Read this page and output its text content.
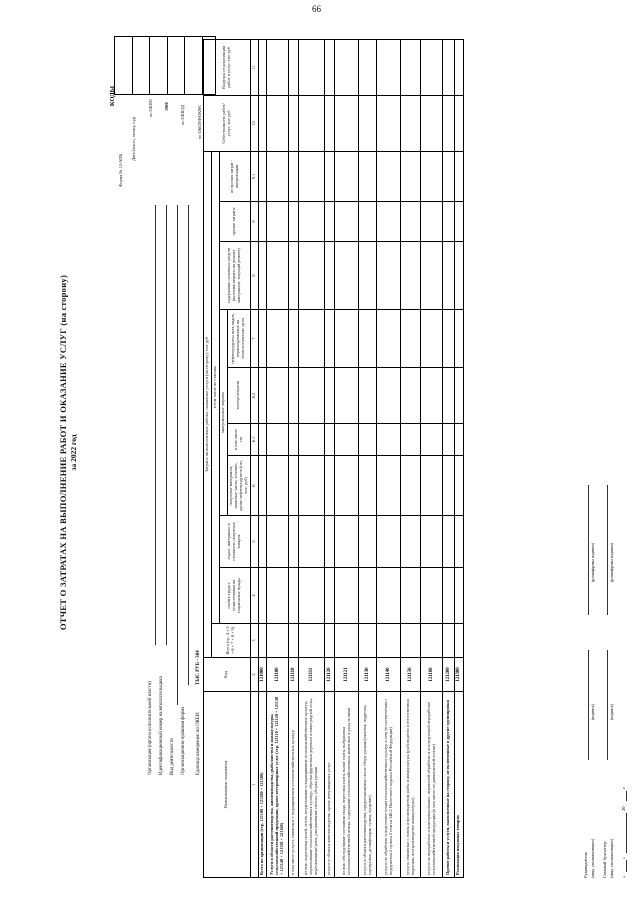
66
ОТЧЕТ О ЗАТРАТАХ НА ВЫПОЛНЕНИЕ РАБОТ И ОКАЗАНИЕ УСЛУГ (на сторону) за 2022 год
КОДЫ
Форма № 12-АПК
Дата (число, месяц, год)
по ОКПО	1900	по ОКВЭД	по ОКОПФ/ОКФС
Организация (органа исполнительной власти) Идентификационный номер налогоплательщика Вид деятельности Организационно-правовая форма Единица измерения: по ОКЕИ:
ТЫС РУБ - 384
Наименование показателя	Код	Затраты на выполненные работы, оказанные услуги (на сторону), тыс руб										Себестоимость работ/услуг, тыс руб	Выручка от реализации работ и услуг, тыс руб
		Всего (гр. 4 + 5 + 6 + 7 + 8 + 9)	в том числе по статьям										
			оплата труда с отчислениями на социальные нужды	сырье, материалы и стоимость покупных товаров	материальные затраты				содержание основных средств (включая затраты на ремонт материалов, текущий ремонт)	прочие затраты	из прочих затрат - амортизация		
					покупные материалы, запасные части, топливо, кроме нефтепродуктов (газ, тыс. руб)	в том числе газ	электроэнергия	нефтепродукты всех видов, израсходованные на технологические цели					
1	2	3	4	5	6	6.1	6.2	7	8	9	9.1	10	11
Всего по организации (стр. 121100 + 121200 + 121300)	121000												
Услуги в области растениеводства, животноводства, рыболовства и аквакультуры, сельскохозяйственной продукции, кроме ветеринарных услуг (стр. 121110 + 121120 + 121130 + 121140 + 121150 + 121160)	121100												
в том числе услуги, связанные с выращиванием сельскохозяйственных культур	121110												
из них: подготовка полей, посев, возделывание и выращивание сельскохозяйственных культур, опрыскивание сельскохозяйственных культур, обрезка фруктовых деревьев и виноградной лозы, пересаживание риса, рассаживание свеклы, уборка урожая	121111												
услуги в области животноводства, кроме ветеринарных услуг	121120												
из них: обследование состояния стада, перегонка скота, выпас скота, выбраковка сельскохозяйственной птицы, содержание сельскохозяйственных животных и уход за ними	121121												
услуги в области растениеводства, предоставляемые после сбора урожая (очистка, подрезка, сортировка, дезинфекция, сушка, лущение)	121130												
услуги по обработке и подготовке семян сельскохозяйственных культур к севу (в соответствии с подпунктом 2 пункта 2 статьи 346.2 Налогового кодекса Российской Федерации)	121140												
услуги, связанные с ловом и производством рыбы и аквакультуры (рыбоводство в естественных водоемах, воспроизводство аквакультуры)	121150												
услуги по переработке и консервированию, первичной обработке и последующей переработке сельскохозяйственной продукции (в том числе по давальческой основе)	121160												
Прочие работы и услуги, выполненные на сторону, не включенные в другие группировки	121200												
Реализация покупных товаров	121300												
Руководитель (лицо, уполномоченное)
(подпись)
(расшифровка подписи)
Главный бухгалтер (лицо, уполномоченное)
(подпись)
(расшифровка подписи)
«
»
20
г.
